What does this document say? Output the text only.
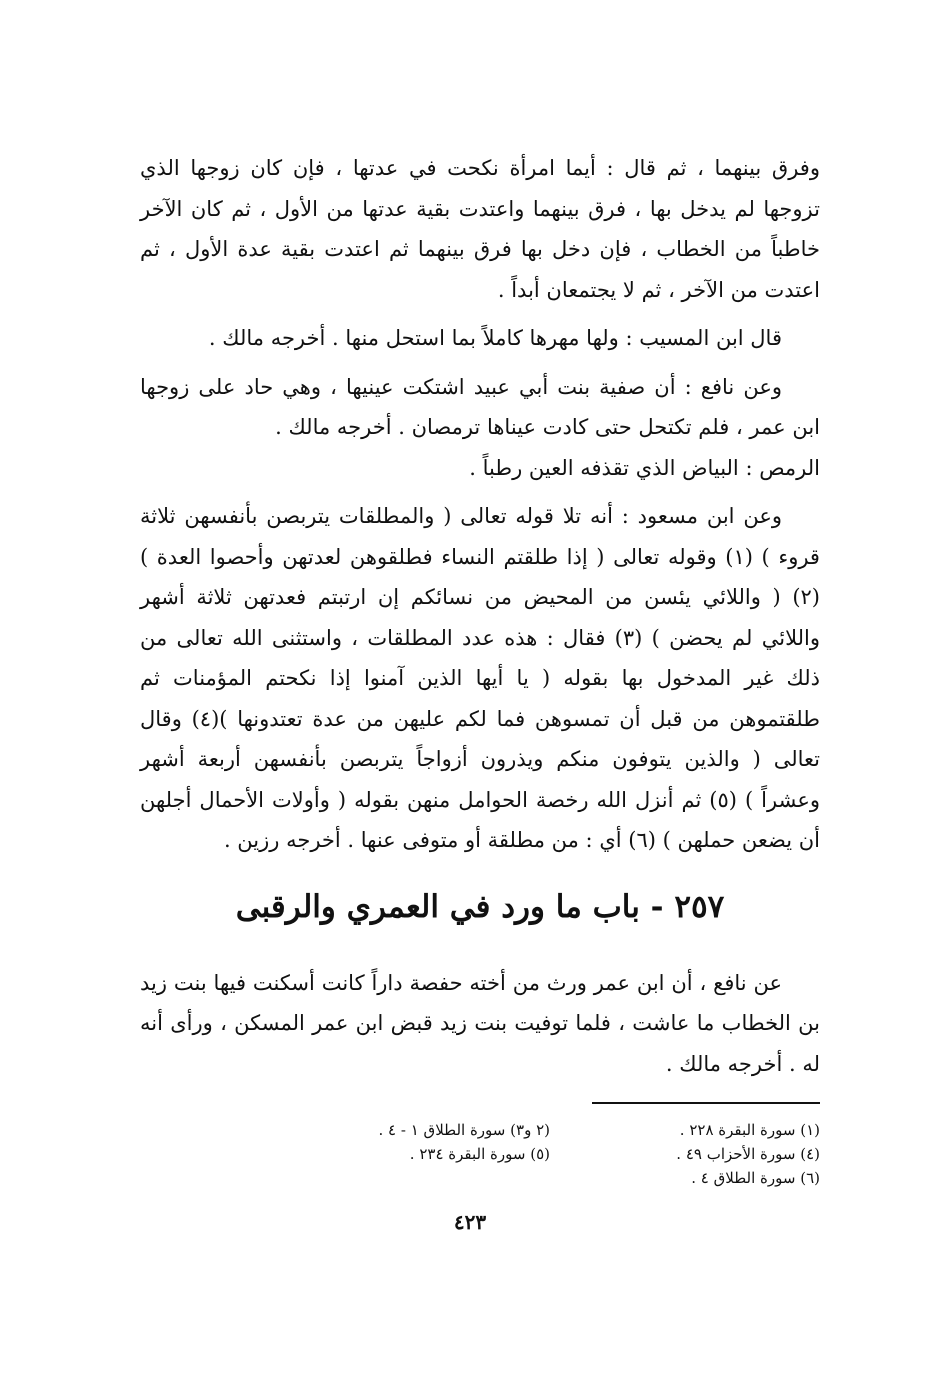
وفرق بينهما ، ثم قال : أيما امرأة نكحت في عدتها ، فإن كان زوجها الذي تزوجها لم يدخل بها ، فرق بينهما واعتدت بقية عدتها من الأول ، ثم كان الآخر خاطباً من الخطاب ، فإن دخل بها فرق بينهما ثم اعتدت بقية عدة الأول ، ثم اعتدت من الآخر ، ثم لا يجتمعان أبداً .
قال ابن المسيب : ولها مهرها كاملاً بما استحل منها . أخرجه مالك .

وعن نافع : أن صفية بنت أبي عبيد اشتكت عينيها ، وهي حاد على زوجها ابن عمر ، فلم تكتحل حتى كادت عيناها ترمصان . أخرجه مالك .

الرمص : البياض الذي تقذفه العين رطباً .
وعن ابن مسعود : أنه تلا قوله تعالى ( والمطلقات يتربصن بأنفسهن ثلاثة قروء ) (١) وقوله تعالى ( إذا طلقتم النساء فطلقوهن لعدتهن وأحصوا العدة ) (٢) ( واللائي يئسن من المحيض من نسائكم إن ارتبتم فعدتهن ثلاثة أشهر واللائي لم يحضن ) (٣) فقال : هذه عدد المطلقات ، واستثنى الله تعالى من ذلك غير المدخول بها بقوله ( يا أيها الذين آمنوا إذا نكحتم المؤمنات ثم طلقتموهن من قبل أن تمسوهن فما لكم عليهن من عدة تعتدونها )(٤) وقال تعالى ( والذين يتوفون منكم ويذرون أزواجاً يتربصن بأنفسهن أربعة أشهر وعشراً ) (٥) ثم أنزل الله رخصة الحوامل منهن بقوله ( وأولات الأحمال أجلهن أن يضعن حملهن ) (٦) أي : من مطلقة أو متوفى عنها . أخرجه رزين .
٢٥٧ - باب ما ورد في العمري والرقبى
عن نافع ، أن ابن عمر ورث من أخته حفصة داراً كانت أسكنت فيها بنت زيد بن الخطاب ما عاشت ، فلما توفيت بنت زيد قبض ابن عمر المسكن ، ورأى أنه له . أخرجه مالك .
(١) سورة البقرة ٢٢٨ .
(٢ و٣) سورة الطلاق ١ - ٤ .
(٤) سورة الأحزاب ٤٩ .
(٥) سورة البقرة ٢٣٤ .
(٦) سورة الطلاق ٤ .
٤٢٣
